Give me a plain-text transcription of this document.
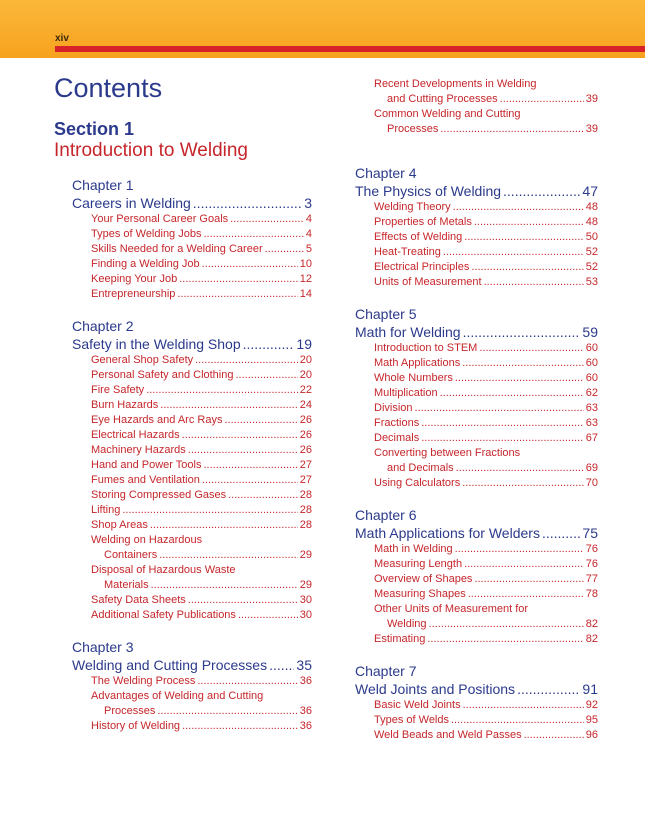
xiv
Contents
Section 1
Introduction to Welding
Chapter 1
Careers in Welding .....	3
Your Personal Career Goals .....	4
Types of Welding Jobs .....	4
Skills Needed for a Welding Career .....	5
Finding a Welding Job .....	10
Keeping Your Job .....	12
Entrepreneurship .....	14
Chapter 2
Safety in the Welding Shop .....	19
General Shop Safety .....	20
Personal Safety and Clothing .....	20
Fire Safety .....	22
Burn Hazards .....	24
Eye Hazards and Arc Rays .....	26
Electrical Hazards .....	26
Machinery Hazards .....	26
Hand and Power Tools .....	27
Fumes and Ventilation .....	27
Storing Compressed Gases .....	28
Lifting .....	28
Shop Areas .....	28
Welding on Hazardous
Containers .....	29
Disposal of Hazardous Waste
Materials .....	29
Safety Data Sheets .....	30
Additional Safety Publications .....	30
Chapter 3
Welding and Cutting Processes ..... 35
The Welding Process .....	36
Advantages of Welding and Cutting
Processes .....	36
History of Welding .....	36
Recent Developments in Welding
and Cutting Processes .....	39
Common Welding and Cutting
Processes .....	39
Chapter 4
The Physics of Welding .....	47
Welding Theory .....	48
Properties of Metals .....	48
Effects of Welding .....	50
Heat-Treating .....	52
Electrical Principles .....	52
Units of Measurement .....	53
Chapter 5
Math for Welding .....	59
Introduction to STEM .....	60
Math Applications .....	60
Whole Numbers .....	60
Multiplication .....	62
Division .....	63
Fractions .....	63
Decimals .....	67
Converting between Fractions
and Decimals .....	69
Using Calculators .....	70
Chapter 6
Math Applications for Welders .....	75
Math in Welding .....	76
Measuring Length .....	76
Overview of Shapes .....	77
Measuring Shapes .....	78
Other Units of Measurement for
Welding .....	82
Estimating .....	82
Chapter 7
Weld Joints and Positions .....	91
Basic Weld Joints .....	92
Types of Welds .....	95
Weld Beads and Weld Passes .....	96
